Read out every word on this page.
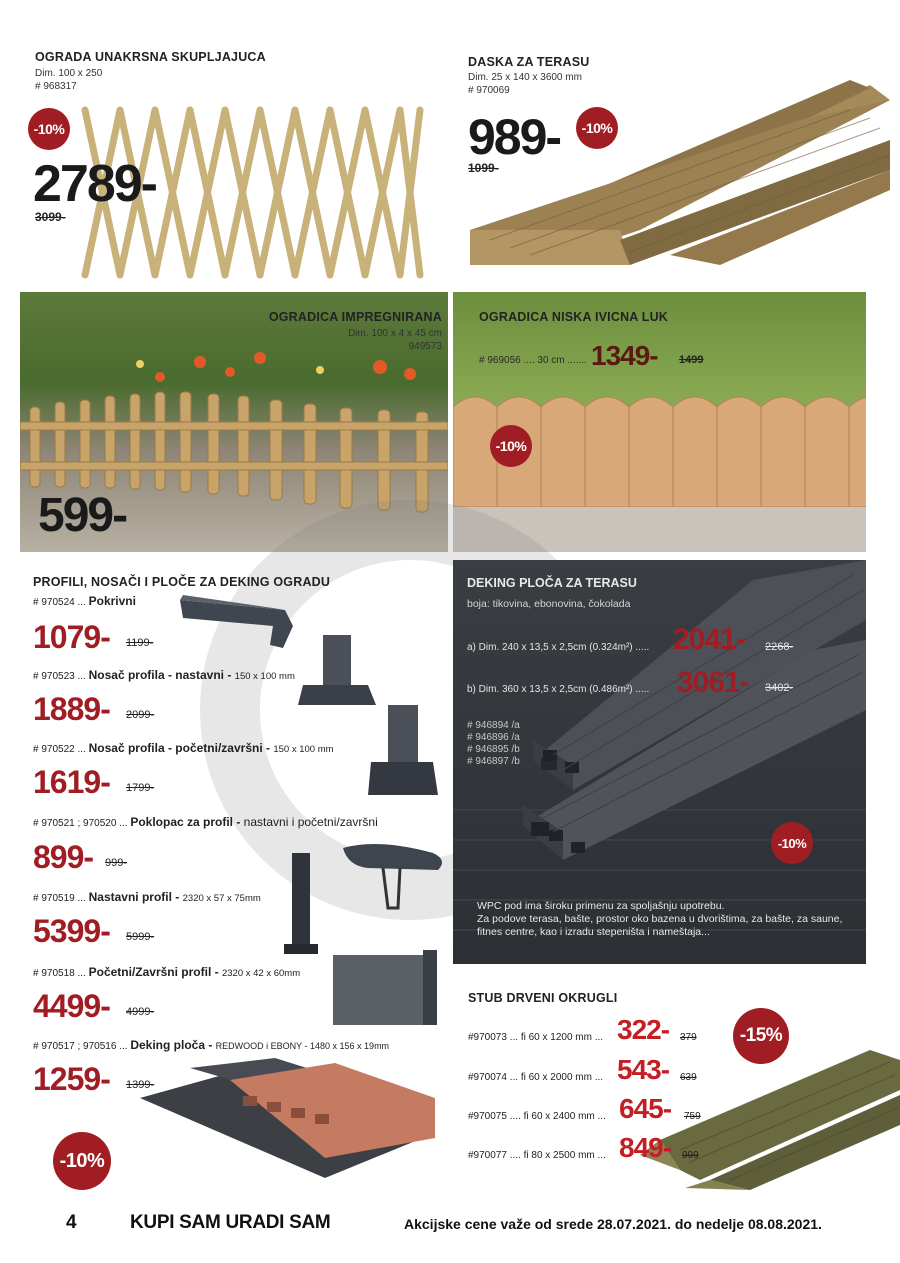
OGRADA UNAKRSNA SKUPLJAJUCA
Dim. 100 x 250
# 968317
-10%
2789-
3099-
DASKA ZA TERASU
Dim. 25 x 140 x 3600 mm
# 970069
989-	-10%
1099-
OGRADICA IMPREGNIRANA
Dim. 100 x 4 x 45 cm
949573
599-
OGRADICA NISKA IVICNA LUK
# 969056 .... 30 cm ....... 1349- 1499
-10%
PROFILI, NOSAČI I PLOČE ZA DEKING OGRADU
# 970524 ... Pokrivni
1079- 1199-
# 970523 ... Nosač profila - nastavni - 150 x 100 mm
1889- 2099-
# 970522 ... Nosač profila - početni/završni - 150 x 100 mm
1619- 1799-
# 970521 ; 970520 ... Poklopac za profil - nastavni i početni/završni
899- 999-
# 970519 ... Nastavni profil - 2320 x 57 x 75mm
5399- 5999-
# 970518 ... Početni/Završni profil - 2320 x 42 x 60mm
4499- 4999-
# 970517 ; 970516 ... Deking ploča - REDWOOD i EBONY - 1480 x 156 x 19mm
1259- 1399-
-10%
DEKING PLOČA ZA TERASU
boja: tikovina, ebonovina, čokolada
a) Dim. 240 x 13,5 x 2,5cm (0.324m²) ..... 2041- 2268-
b) Dim. 360 x 13,5 x 2,5cm (0.486m²) ..... 3061- 3402-
# 946894 /a
# 946896 /a
# 946895 /b
# 946897 /b
-10%
WPC pod ima široku primenu za spoljašnju upotrebu.
Za podove terasa, bašte, prostor oko bazena u dvorištima, za bašte, za saune,
fitnes centre, kao i izradu stepeništa i nameštaja...
STUB DRVENI OKRUGLI
-15%
#970073 ... fi 60 x 1200 mm ... 322- 379
#970074 ... fi 60 x 2000 mm ... 543- 639
#970075 .... fi 60 x 2400 mm ... 645- 759
#970077 .... fi 80 x 2500 mm ... 849- 999
4	KUPI SAM URADI SAM	Akcijske cene važe od srede 28.07.2021. do nedelje 08.08.2021.
